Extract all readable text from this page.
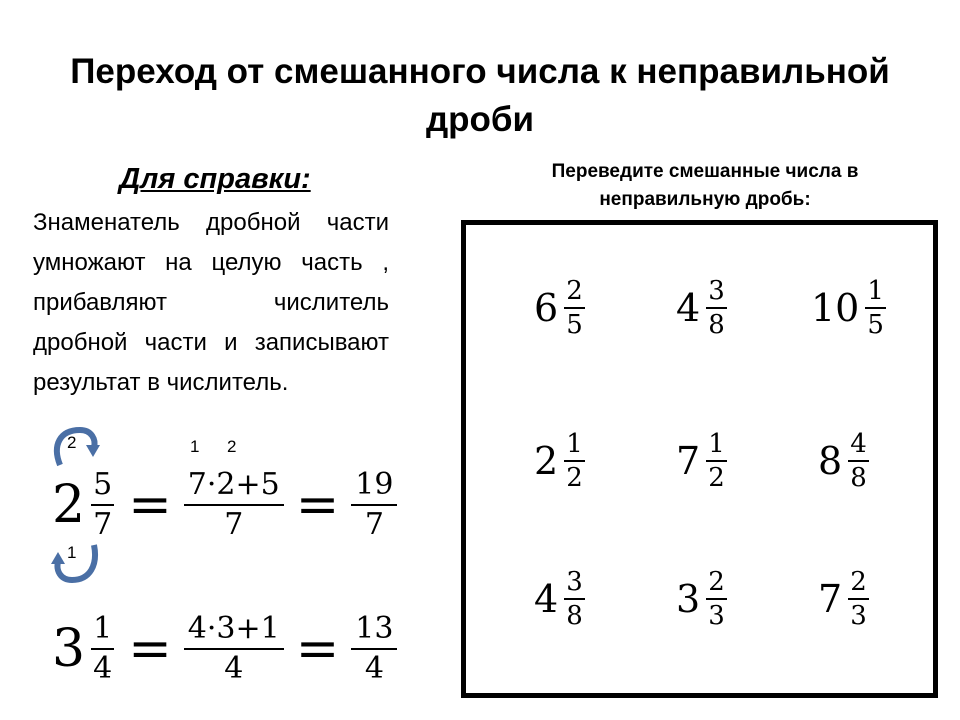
Переход от смешанного числа к неправильной дроби
Для справки:
Знаменатель дробной части умножают на целую часть , прибавляют числитель дробной части и записывают результат в числитель.
2
1
1 2
$2 \frac{5}{7} = \frac{7\cdot 2+5}{7} = \frac{19}{7}$
$3 \frac{1}{4} = \frac{4\cdot 3+1}{4} = \frac{13}{4}$
Переведите смешанные числа в неправильную дробь:
$6 \frac{2}{5} 4 \frac{3}{8} 10 \frac{1}{5}$
$2 \frac{1}{2} 7 \frac{1}{2} 8 \frac{4}{8}$
$4 \frac{3}{8} 3 \frac{2}{3} 7 \frac{2}{3}$
